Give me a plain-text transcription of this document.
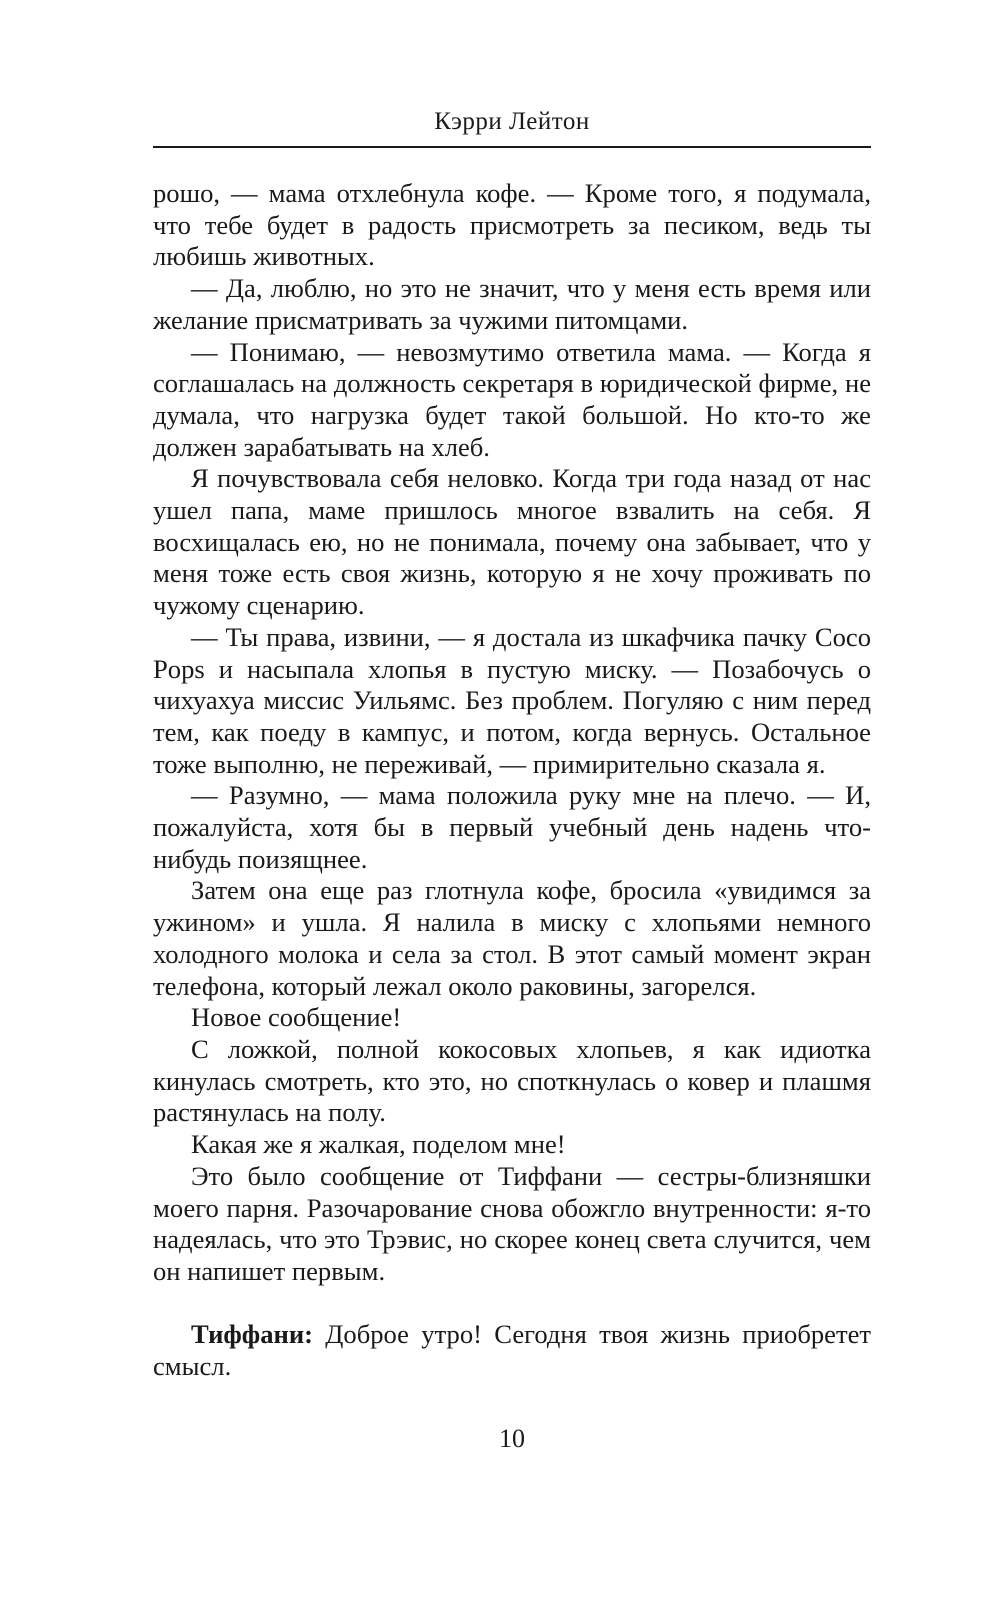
Кэрри Лейтон

рошо, — мама отхлебнула кофе. — Кроме того, я подумала, что тебе будет в радость присмотреть за песиком, ведь ты любишь животных.

— Да, люблю, но это не значит, что у меня есть время или желание присматривать за чужими питомцами.

— Понимаю, — невозмутимо ответила мама. — Когда я соглашалась на должность секретаря в юридической фирме, не думала, что нагрузка будет такой большой. Но кто-то же должен зарабатывать на хлеб.

Я почувствовала себя неловко. Когда три года назад от нас ушел папа, маме пришлось многое взвалить на себя. Я восхищалась ею, но не понимала, почему она забывает, что у меня тоже есть своя жизнь, которую я не хочу проживать по чужому сценарию.

— Ты права, извини, — я достала из шкафчика пачку Coco Pops и насыпала хлопья в пустую миску. — Позабочусь о чихуахуа миссис Уильямс. Без проблем. Погуляю с ним перед тем, как поеду в кампус, и потом, когда вернусь. Остальное тоже выполню, не переживай, — примирительно сказала я.

— Разумно, — мама положила руку мне на плечо. — И, пожалуйста, хотя бы в первый учебный день надень что-нибудь поизящнее.

Затем она еще раз глотнула кофе, бросила «увидимся за ужином» и ушла. Я налила в миску с хлопьями немного холодного молока и села за стол. В этот самый момент экран телефона, который лежал около раковины, загорелся.

Новое сообщение!

С ложкой, полной кокосовых хлопьев, я как идиотка кинулась смотреть, кто это, но споткнулась о ковер и плашмя растянулась на полу.

Какая же я жалкая, поделом мне!

Это было сообщение от Тиффани — сестры-близняшки моего парня. Разочарование снова обожгло внутренности: я-то надеялась, что это Трэвис, но скорее конец света случится, чем он напишет первым.

Тиффани: Доброе утро! Сегодня твоя жизнь приобретет смысл.

10
